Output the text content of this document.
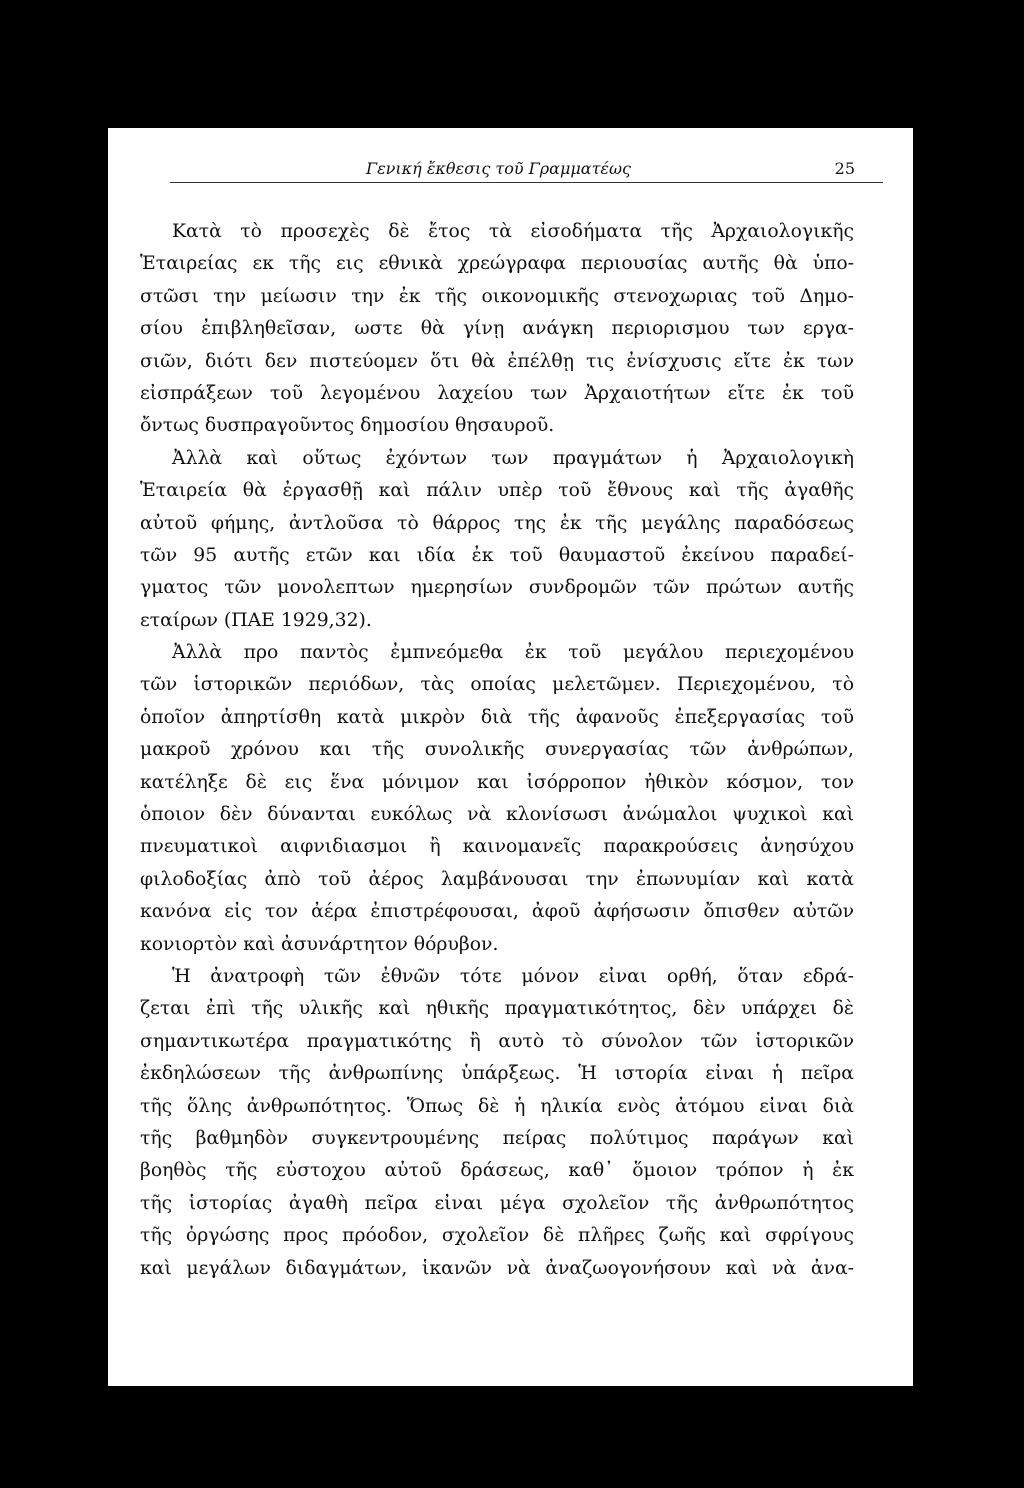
Γενική ἔκθεσις τοῦ Γραμματέως	25
Κατὰ τὸ προσεχὲς δὲ ἔτος τὰ εἰσοδήματα τῆς Ἀρχαιολογικῆς
Ἑταιρείας εκ τῆς εις εθνικὰ χρεώγραφα περιουσίας αυτῆς θὰ ὑπο-
στῶσι την μείωσιν την ἐκ τῆς οικονομικῆς στενοχωριας τοῦ Δημο-
σίου ἐπιβληθεῖσαν, ωστε θὰ γίνῃ ανάγκη περιορισμου των εργα-
σιῶν, διότι δεν πιστεύομεν ὅτι θὰ ἐπέλθῃ τις ἐνίσχυσις εἴτε ἐκ των
εἰσπράξεων τοῦ λεγομένου λαχείου των Ἀρχαιοτήτων εἴτε ἐκ τοῦ
ὄντως δυσπραγοῦντος δημοσίου θησαυροῦ.
Ἀλλὰ καὶ οὕτως ἐχόντων των πραγμάτων ἡ Ἀρχαιολογικὴ
Ἑταιρεία θὰ ἐργασθῇ καὶ πάλιν υπὲρ τοῦ ἔθνους καὶ τῆς ἀγαθῆς
αὐτοῦ φήμης, ἀντλοῦσα τὸ θάρρος της ἐκ τῆς μεγάλης παραδόσεως
τῶν 95 αυτῆς ετῶν και ιδία ἐκ τοῦ θαυμαστοῦ ἐκείνου παραδεί-
γματος τῶν μονολεπτων ημερησίων συνδρομῶν τῶν πρώτων αυτῆς
εταίρων (ΠΑΕ 1929,32).
Ἀλλὰ προ παντὸς ἐμπνεόμεθα ἐκ τοῦ μεγάλου περιεχομένου
τῶν ἱστορικῶν περιόδων, τὰς οποίας μελετῶμεν. Περιεχομένου, τὸ
ὁποῖον ἀπηρτίσθη κατὰ μικρὸν διὰ τῆς ἀφανοῦς ἐπεξεργασίας τοῦ
μακροῦ χρόνου και τῆς συνολικῆς συνεργασίας τῶν ἀνθρώπων,
κατέληξε δὲ εις ἕνα μόνιμον και ἰσόρροπον ἠθικὸν κόσμον, τον
ὁποιον δὲν δύνανται ευκόλως νὰ κλονίσωσι ἀνώμαλοι ψυχικοὶ καὶ
πνευματικοὶ αιφνιδιασμοι ἢ καινομανεῖς παρακρούσεις ἀνησύχου
φιλοδοξίας ἀπὸ τοῦ ἀέρος λαμβάνουσαι την ἐπωνυμίαν καὶ κατὰ
κανόνα εἰς τον ἀέρα ἐπιστρέφουσαι, ἀφοῦ ἀφήσωσιν ὄπισθεν αὐτῶν
κονιορτὸν καὶ ἀσυνάρτητον θόρυβον.
Ἡ ἀνατροφὴ τῶν ἐθνῶν τότε μόνον εἰναι ορθή, ὅταν εδρά-
ζεται ἐπὶ τῆς υλικῆς καὶ ηθικῆς πραγματικότητος, δὲν υπάρχει δὲ
σημαντικωτέρα πραγματικότης ἢ αυτὸ τὸ σύνολον τῶν ἱστορικῶν
ἐκδηλώσεων τῆς ἀνθρωπίνης ὑπάρξεως. Ἡ ιστορία εἰναι ἡ πεῖρα
τῆς ὅλης ἀνθρωπότητος. Ὅπως δὲ ἡ ηλικία ενὸς ἀτόμου εἰναι διὰ
τῆς βαθμηδὸν συγκεντρουμένης πείρας πολύτιμος παράγων καὶ
βοηθὸς τῆς εὐστοχου αὐτοῦ δράσεως, καθ᾽ ὅμοιον τρόπον ἡ ἐκ
τῆς ἱστορίας ἀγαθὴ πεῖρα εἰναι μέγα σχολεῖον τῆς ἀνθρωπότητος
τῆς ὀργώσης προς πρόοδον, σχολεῖον δὲ πλῆρες ζωῆς καὶ σφρίγους
καὶ μεγάλων διδαγμάτων, ἱκανῶν νὰ ἀναζωογονήσουν καὶ νὰ ἀνα-
